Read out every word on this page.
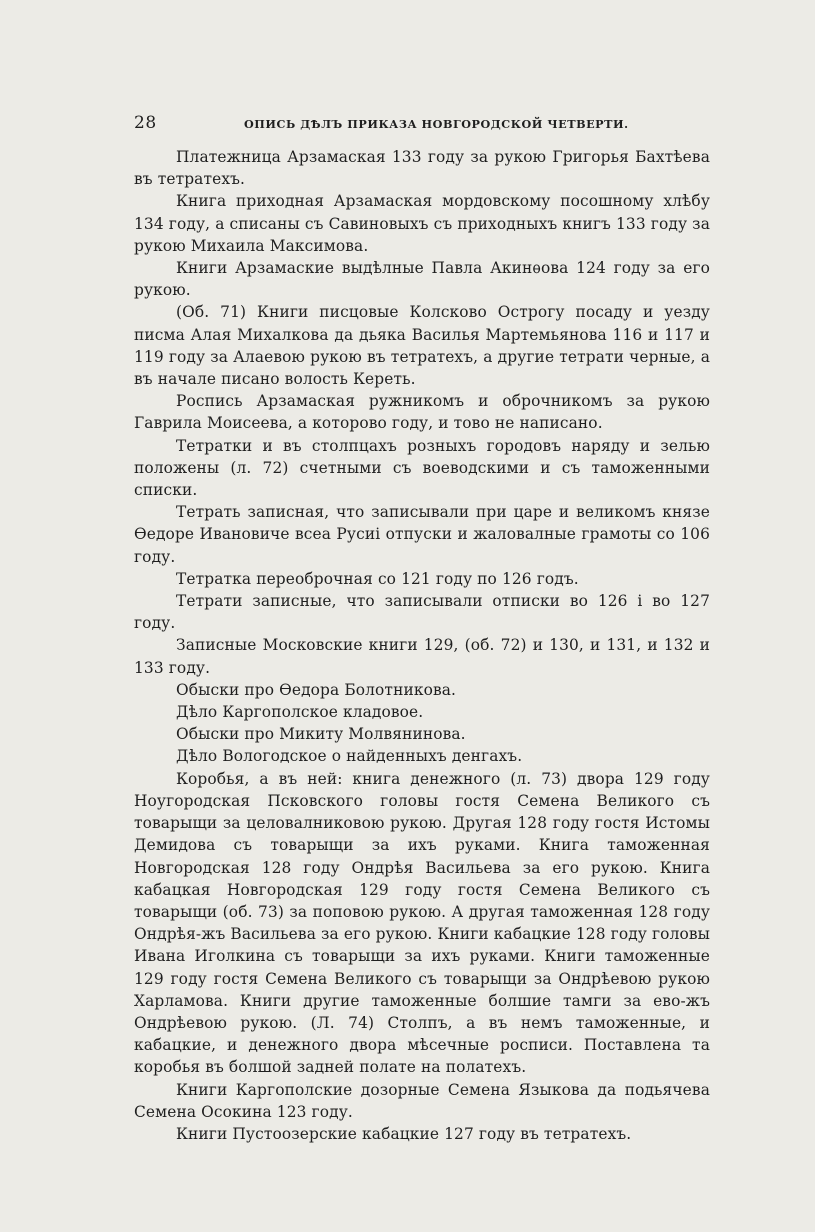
28	ОПИСЬ ДѢЛЪ ПРИКАЗА НОВГОРОДСКОЙ ЧЕТВЕРТИ.

Платежница Арзамаская 133 году за рукою Григорья Бахтѣева въ тетратехъ.

Книга приходная Арзамаская мордовскому посошному хлѣбу 134 году, а списаны съ Савиновыхъ съ приходныхъ книгъ 133 году за рукою Михаила Максимова.

Книги Арзамаские выдѣлные Павла Акинѳова 124 году за его рукою.

(Об. 71) Книги писцовые Колсково Острогу посаду и уезду писма Алая Михалкова да дьяка Василья Мартемьянова 116 и 117 и 119 году за Алаевою рукою въ тетратехъ, а другие тетрати черные, а въ начале писано волость Кереть.

Роспись Арзамаская ружникомъ и оброчникомъ за рукою Гаврила Моисеева, а которово году, и тово не написано.

Тетратки и въ столпцахъ розныхъ городовъ наряду и зелью положены (л. 72) счетными съ воеводскими и съ таможенными списки.

Тетрать записная, что записывали при царе и великомъ князе Ѳедоре Ивановиче всеа Русиі отпуски и жаловалные грамоты со 106 году.

Тетратка переоброчная со 121 году по 126 годъ.

Тетрати записные, что записывали отписки во 126 і во 127 году.

Записные Московские книги 129, (об. 72) и 130, и 131, и 132 и 133 году.

Обыски про Ѳедора Болотникова.

Дѣло Каргополское кладовое.

Обыски про Микиту Молвянинова.

Дѣло Вологодское о найденныхъ денгахъ.

Коробья, а въ ней: книга денежного (л. 73) двора 129 году Ноугородская Псковского головы гостя Семена Великого съ товарыщи за целовалниковою рукою. Другая 128 году гостя Истомы Демидова съ товарыщи за ихъ руками. Книга таможенная Новгородская 128 году Ондрѣя Васильева за его рукою. Книга кабацкая Новгородская 129 году гостя Семена Великого съ товарыщи (об. 73) за поповою рукою. А другая таможенная 128 году Ондрѣя-жъ Васильева за его рукою. Книги кабацкие 128 году головы Ивана Иголкина съ товарыщи за ихъ руками. Книги таможенные 129 году гостя Семена Великого съ товарыщи за Ондрѣевою рукою Харламова. Книги другие таможенные болшие тамги за ево-жъ Ондрѣевою рукою. (Л. 74) Столпъ, а въ немъ таможенные, и кабацкие, и денежного двора мѣсечные росписи. Поставлена та коробья въ болшой задней полате на полатехъ.

Книги Каргополские дозорные Семена Языкова да подьячева Семена Осокина 123 году.

Книги Пустоозерские кабацкие 127 году въ тетратехъ.
